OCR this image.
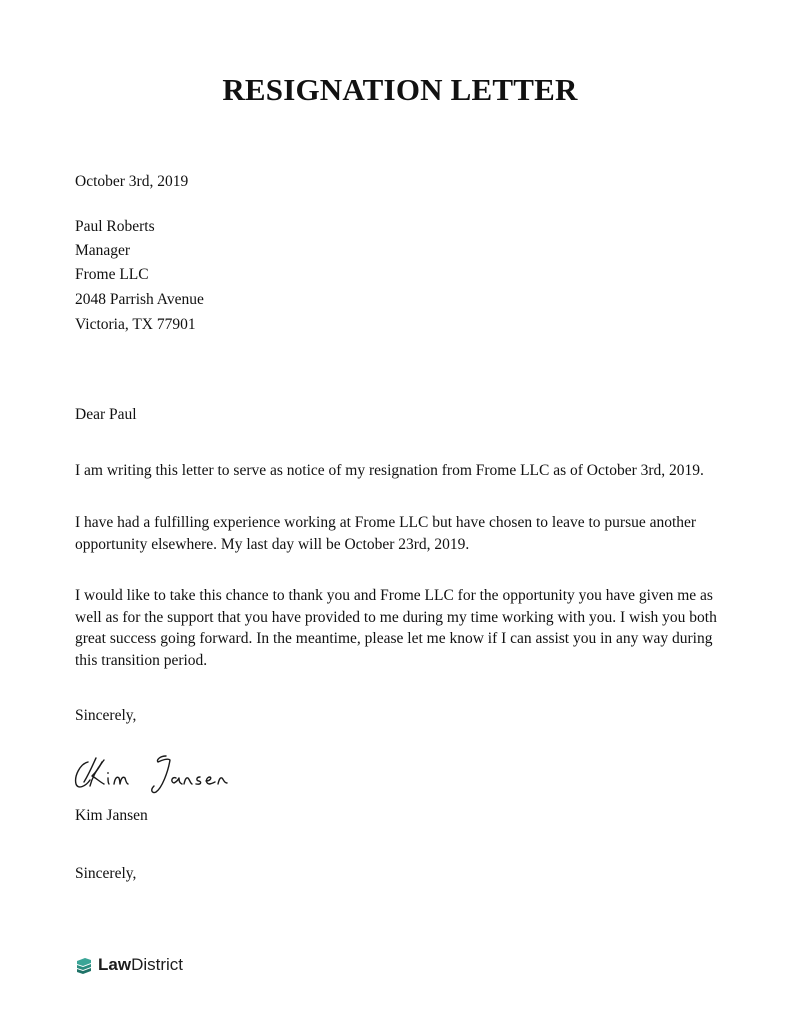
RESIGNATION LETTER
October 3rd, 2019
Paul Roberts
Manager
Frome LLC
2048 Parrish Avenue
Victoria, TX 77901
Dear Paul
I am writing this letter to serve as notice of my resignation from Frome LLC as of October 3rd, 2019.
I have had a fulfilling experience working at Frome LLC but have chosen to leave to pursue another opportunity elsewhere. My last day will be October 23rd, 2019.
I would like to take this chance to thank you and Frome LLC for the opportunity you have given me as well as for the support that you have provided to me during my time working with you. I wish you both great success going forward. In the meantime, please let me know if I can assist you in any way during this transition period.
Sincerely,
Kim Jansen
Sincerely,
LawDistrict
